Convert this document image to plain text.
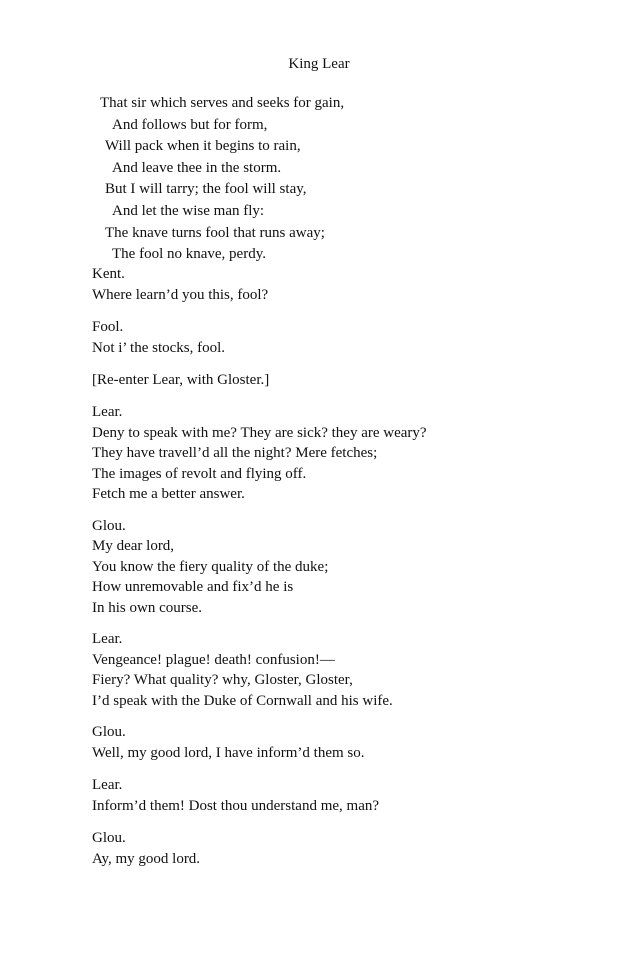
King Lear
That sir which serves and seeks for gain,
And follows but for form,
Will pack when it begins to rain,
And leave thee in the storm.
But I will tarry; the fool will stay,
And let the wise man fly:
The knave turns fool that runs away;
The fool no knave, perdy.
Kent.
Where learn’d you this, fool?
Fool.
Not i’ the stocks, fool.
[Re-enter Lear, with Gloster.]
Lear.
Deny to speak with me? They are sick? they are weary?
They have travell’d all the night? Mere fetches;
The images of revolt and flying off.
Fetch me a better answer.
Glou.
My dear lord,
You know the fiery quality of the duke;
How unremovable and fix’d he is
In his own course.
Lear.
Vengeance! plague! death! confusion!—
Fiery? What quality? why, Gloster, Gloster,
I’d speak with the Duke of Cornwall and his wife.
Glou.
Well, my good lord, I have inform’d them so.
Lear.
Inform’d them! Dost thou understand me, man?
Glou.
Ay, my good lord.
